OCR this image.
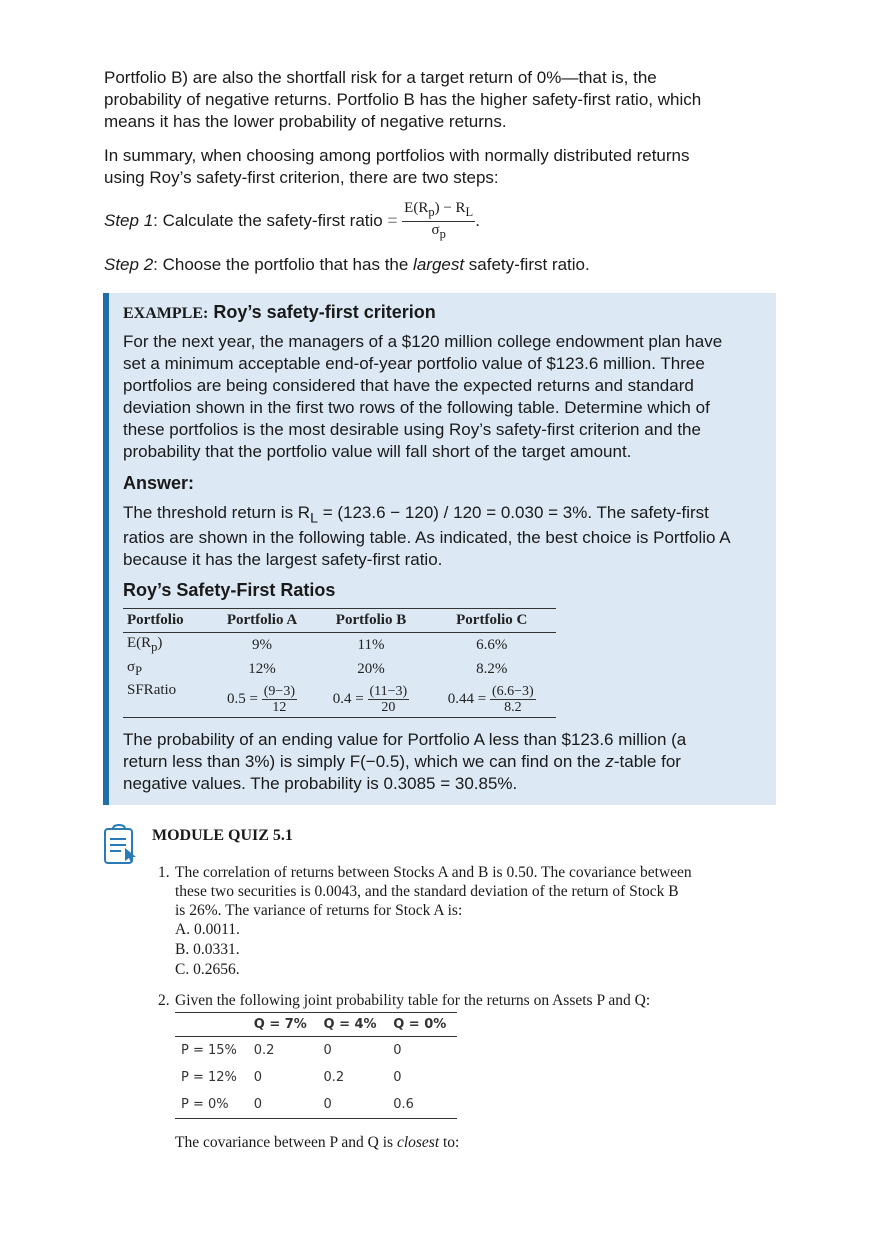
Portfolio B) are also the shortfall risk for a target return of 0%—that is, the
probability of negative returns. Portfolio B has the higher safety-first ratio, which
means it has the lower probability of negative returns.
In summary, when choosing among portfolios with normally distributed returns
using Roy’s safety-first criterion, there are two steps:
Step 1: Calculate the safety-first ratio = $\frac{E(R_p) - R_L}{\sigma_p}$ .
Step 2: Choose the portfolio that has the largest safety-first ratio.
EXAMPLE: Roy’s safety-first criterion
For the next year, the managers of a $120 million college endowment plan have
set a minimum acceptable end-of-year portfolio value of $123.6 million. Three
portfolios are being considered that have the expected returns and standard
deviation shown in the first two rows of the following table. Determine which of
these portfolios is the most desirable using Roy’s safety-first criterion and the
probability that the portfolio value will fall short of the target amount.
Answer:
The threshold return is $R_L = (123.6 - 120) / 120 = 0.030 = 3\%$. The safety-first
ratios are shown in the following table. As indicated, the best choice is Portfolio A
because it has the largest safety-first ratio.
Roy’s Safety-First Ratios
Portfolio	Portfolio A	Portfolio B	Portfolio C
$E(R_p)$	9%	11%	6.6%
$\sigma_P$	12%	20%	8.2%
SFRatio	$0.5 = \frac{(9-3)}{12}$	$0.4 = \frac{(11-3)}{20}$	$0.44 = \frac{(6.6-3)}{8.2}$
The probability of an ending value for Portfolio A less than $123.6 million (a
return less than 3%) is simply F(−0.5), which we can find on the z-table for
negative values. The probability is 0.3085 = 30.85%.
MODULE QUIZ 5.1
1. The correlation of returns between Stocks A and B is 0.50. The covariance between
these two securities is 0.0043, and the standard deviation of the return of Stock B
is 26%. The variance of returns for Stock A is:
A. 0.0011.
B. 0.0331.
C. 0.2656.
2. Given the following joint probability table for the returns on Assets P and Q:
	Q = 7%	Q = 4%	Q = 0%
P = 15%	0.2	0	0
P = 12%	0	0.2	0
P = 0%	0	0	0.6
The covariance between P and Q is closest to:
